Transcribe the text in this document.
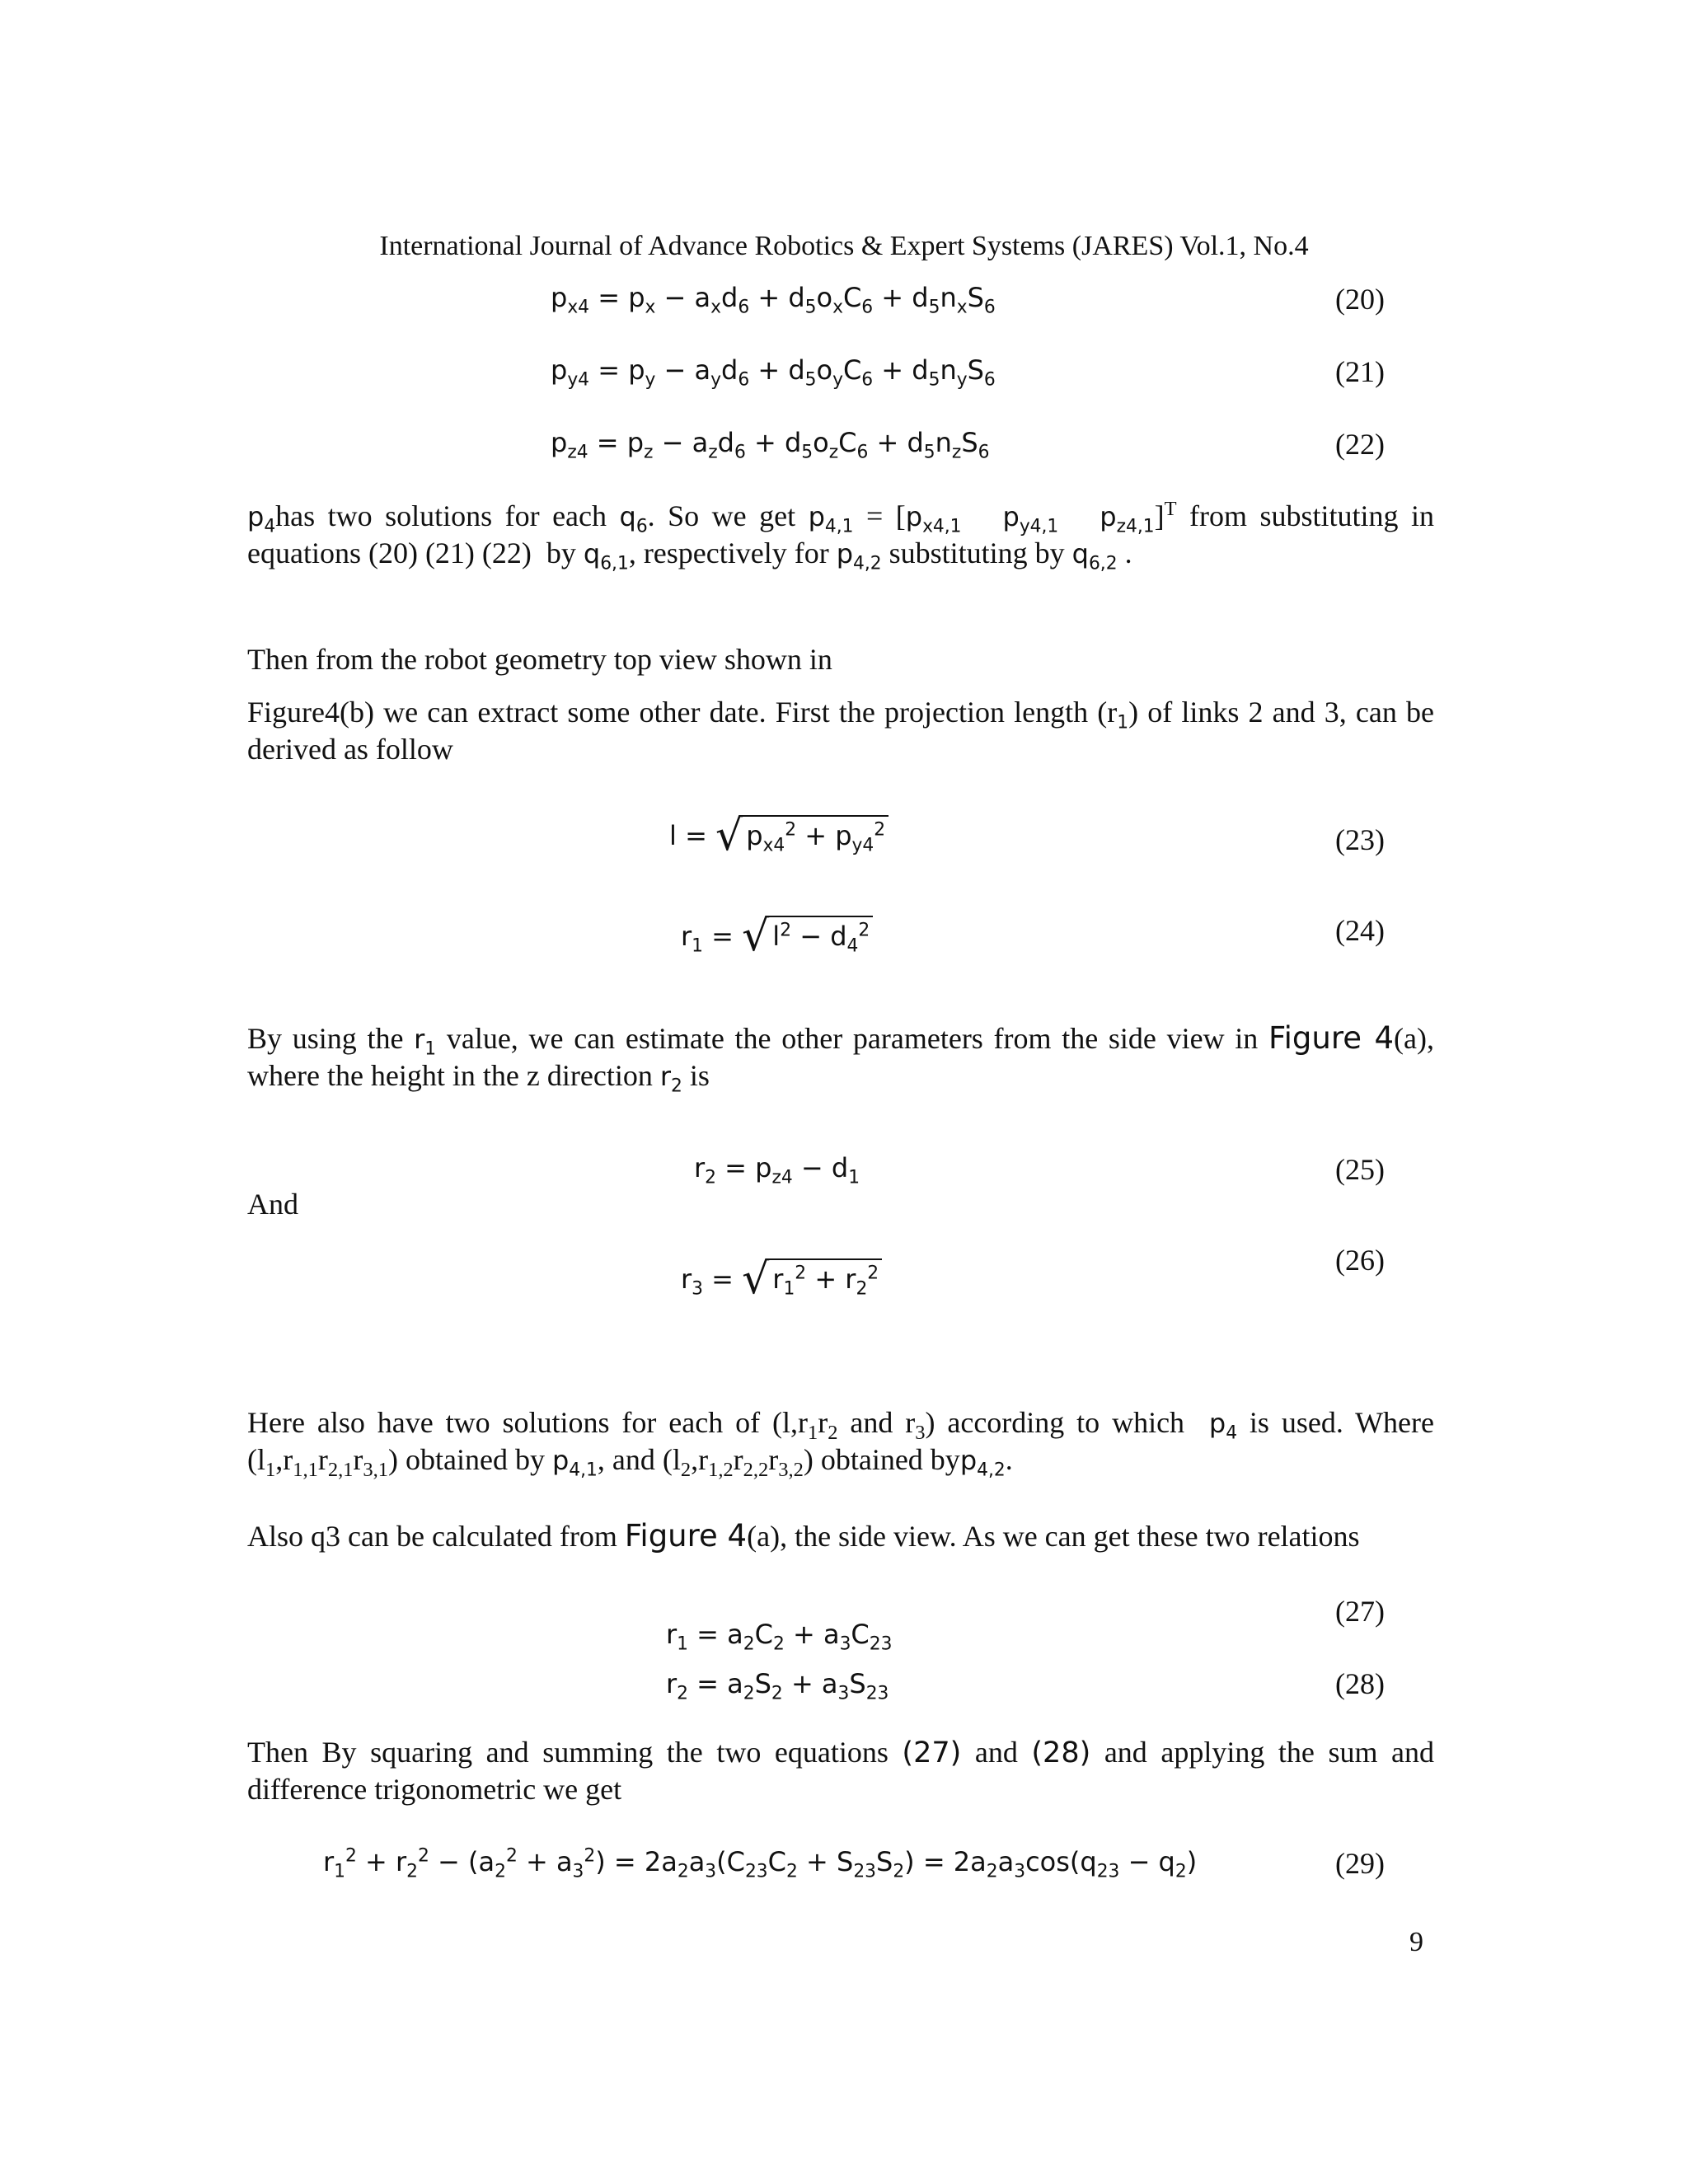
International Journal of Advance Robotics & Expert Systems (JARES) Vol.1, No.4
$p_{x4} = p_x - a_xd_6 + d_5o_xC_6 + d_5n_xS_6$	(20)
$p_{y4} = p_y - a_yd_6 + d_5o_yC_6 + d_5n_yS_6$	(21)
$p_{z4} = p_z - a_zd_6 + d_5o_zC_6 + d_5n_zS_6$	(22)
$p_4has$ two solutions for each $q_6$. So we get $p_{4,1} = [p_{x4,1}$   $p_{y4,1}$   $p_{z4,1}]^T$ from substituting in equations (20) (21) (22)  by $q_{6,1}$, respectively for $p_{4,2}$ substituting by $q_{6,2}$ .
Then from the robot geometry top view shown in
Figure4(b) we can extract some other date. First the projection length $(r_1)$ of links 2 and 3, can be derived as follow
l = √ $p_{x4}^2 + p_{y4}^2$	(23)
$r_1$ = √ $l^2 - d_4^2$	(24)
By using the $r_1$ value, we can estimate the other parameters from the side view in Figure 4(a), where the height in the z direction $r_2$ is
$r_2 = p_{z4} - d_1$	(25)
And
$r_3$ = √ $r_1^2 + r_2^2$	(26)
Here also have two solutions for each of ($l,r_1r_2$ and $r_3$) according to which  $p_4$ is used. Where $(l_1,r_{1,1}r_{2,1}r_{3,1})$ obtained by $p_{4,1}$, and $(l_2,r_{1,2}r_{2,2}r_{3,2})$ obtained byp$_{4,2}$.
Also q3 can be calculated from Figure 4(a), the side view. As we can get these two relations
$r_1 = a_2C_2 + a_3C_{23}$
(27)
$r_2 = a_2S_2 + a_3S_{23}$	(28)
Then By squaring and summing the two equations (27) and (28) and applying the sum and difference trigonometric we get
$r_1^2 + r_2^2 - (a_2^2 + a_3^2) = 2a_2a_3(C_{23}C_2 + S_{23}S_2) = 2a_2a_3\cos(q_{23} - q_2)$	(29)
9
